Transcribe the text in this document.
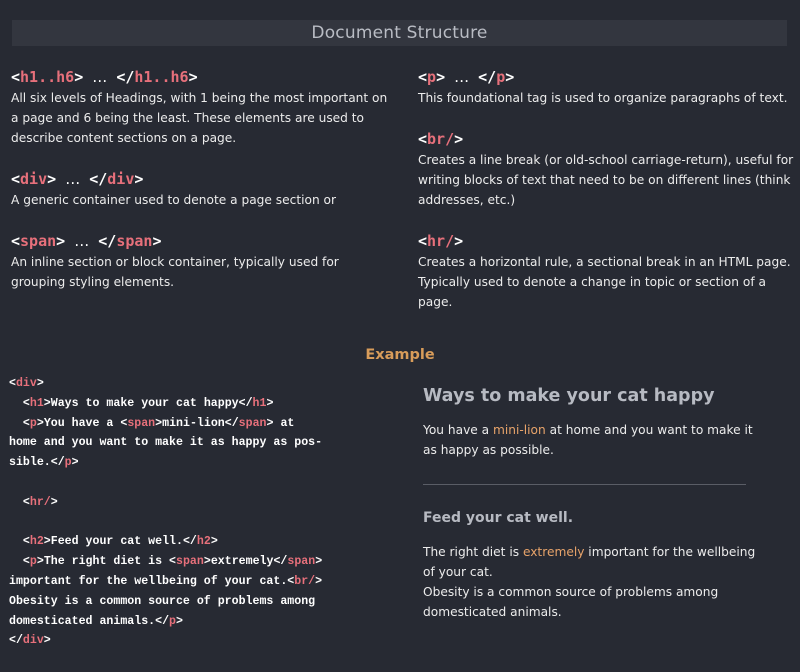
Document Structure
<h1..h6> … </h1..h6>
All six levels of Headings, with 1 being the most important on a page and 6 being the least. These elements are used to describe content sections on a page.
<div> … </div>
A generic container used to denote a page section or
<span> … </span>
An inline section or block container, typically used for grouping styling elements.
<p> … </p>
This foundational tag is used to organize paragraphs of text.
<br/>
Creates a line break (or old-school carriage-return), useful for writing blocks of text that need to be on different lines (think addresses, etc.)
<hr/>
Creates a horizontal rule, a sectional break in an HTML page. Typically used to denote a change in topic or section of a page.
Example
<div>
<h1>Ways to make your cat happy</h1>
<p>You have a <span>mini-lion</span> at
home and you want to make it as happy as pos-
sible.</p>

<hr/>

<h2>Feed your cat well.</h2>
<p>The right diet is <span>extremely</span>
important for the wellbeing of your cat.<br/>
Obesity is a common source of problems among
domesticated animals.</p>
</div>
Ways to make your cat happy
You have a mini-lion at home and you want to make it as happy as possible.
Feed your cat well.
The right diet is extremely important for the wellbeing of your cat.
Obesity is a common source of problems among domesticated animals.
